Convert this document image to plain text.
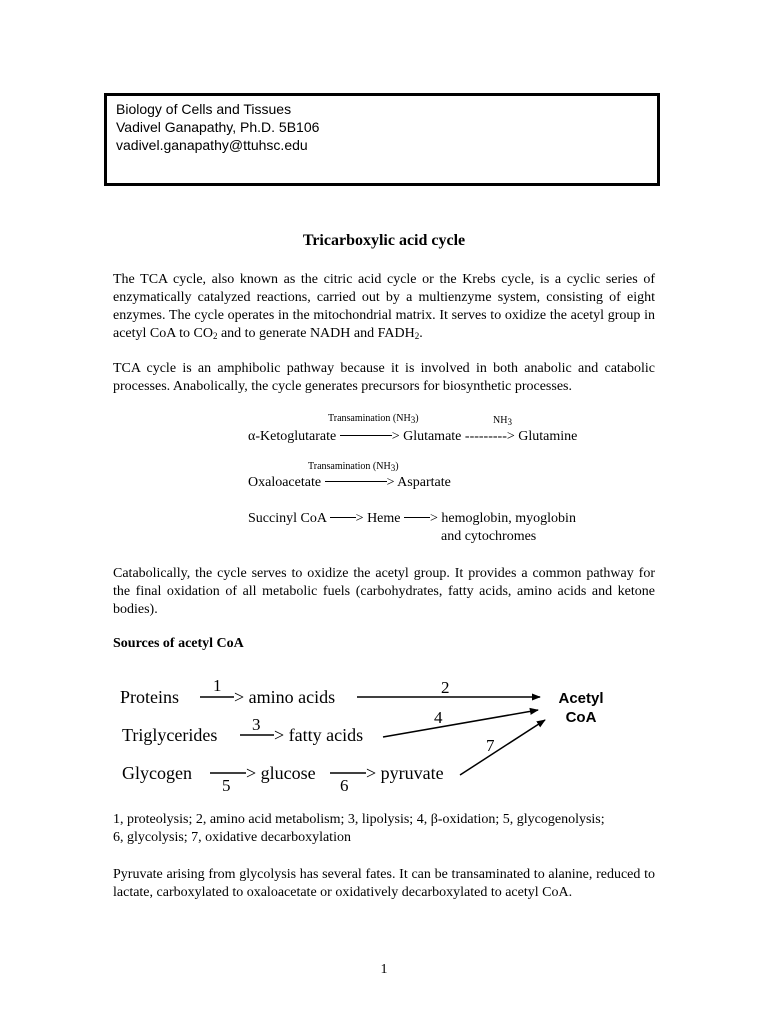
Biology of Cells and Tissues
Vadivel Ganapathy, Ph.D. 5B106
vadivel.ganapathy@ttuhsc.edu
Tricarboxylic acid cycle
The TCA cycle, also known as the citric acid cycle or the Krebs cycle, is a cyclic series of enzymatically catalyzed reactions, carried out by a multienzyme system, consisting of eight enzymes. The cycle operates in the mitochondrial matrix. It serves to oxidize the acetyl group in acetyl CoA to $CO_2$ and to generate NADH and $FADH_2$.
TCA cycle is an amphibolic pathway because it is involved in both anabolic and catabolic processes. Anabolically, the cycle generates precursors for biosynthetic processes.
Transamination (NH3)	NH3
α-Ketoglutarate	> Glutamate ---------> Glutamine
Transamination (NH3)
Oxaloacetate	> Aspartate
Succinyl CoA > Heme > hemoglobin, myoglobin
and cytochromes
Catabolically, the cycle serves to oxidize the acetyl group. It provides a common pathway for the final oxidation of all metabolic fuels (carbohydrates, fatty acids, amino acids and ketone bodies).
Sources of acetyl CoA
Proteins
1
> amino acids	2
Acetyl
CoA
Triglycerides
3
> fatty acids
4
Glycogen
5
> glucose
6
> pyruvate
7
1, proteolysis; 2, amino acid metabolism; 3, lipolysis; 4, β-oxidation; 5, glycogenolysis;
6, glycolysis; 7, oxidative decarboxylation
Pyruvate arising from glycolysis has several fates. It can be transaminated to alanine, reduced to lactate, carboxylated to oxaloacetate or oxidatively decarboxylated to acetyl CoA.
1
